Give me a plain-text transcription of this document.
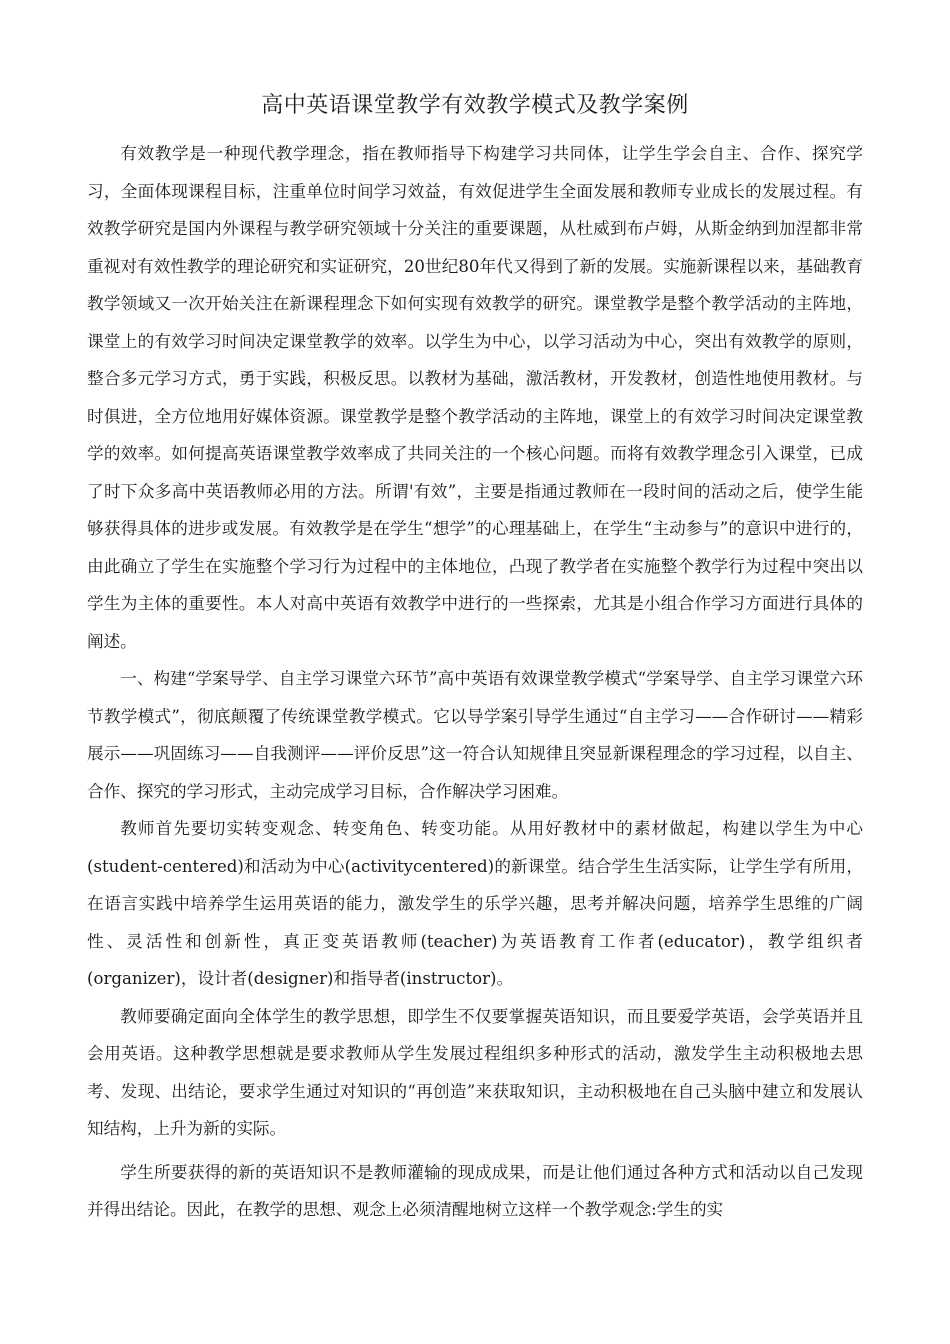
高中英语课堂教学有效教学模式及教学案例

有效教学是一种现代教学理念，指在教师指导下构建学习共同体，让学生学会自主、合作、探究学习，全面体现课程目标，注重单位时间学习效益，有效促进学生全面发展和教师专业成长的发展过程。有效教学研究是国内外课程与教学研究领域十分关注的重要课题，从杜威到布卢姆，从斯金纳到加涅都非常重视对有效性教学的理论研究和实证研究，20世纪80年代又得到了新的发展。实施新课程以来，基础教育教学领域又一次开始关注在新课程理念下如何实现有效教学的研究。课堂教学是整个教学活动的主阵地，课堂上的有效学习时间决定课堂教学的效率。以学生为中心，以学习活动为中心，突出有效教学的原则，整合多元学习方式，勇于实践，积极反思。以教材为基础，激活教材，开发教材，创造性地使用教材。与时俱进，全方位地用好媒体资源。课堂教学是整个教学活动的主阵地，课堂上的有效学习时间决定课堂教学的效率。如何提高英语课堂教学效率成了共同关注的一个核心问题。而将有效教学理念引入课堂，已成了时下众多高中英语教师必用的方法。所谓'有效”，主要是指通过教师在一段时间的活动之后，使学生能够获得具体的进步或发展。有效教学是在学生“想学”的心理基础上，在学生“主动参与”的意识中进行的，由此确立了学生在实施整个学习行为过程中的主体地位，凸现了教学者在实施整个教学行为过程中突出以学生为主体的重要性。本人对高中英语有效教学中进行的一些探索，尤其是小组合作学习方面进行具体的阐述。

一、构建“学案导学、自主学习课堂六环节”高中英语有效课堂教学模式“学案导学、自主学习课堂六环节教学模式”，彻底颠覆了传统课堂教学模式。它以导学案引导学生通过“自主学习——合作研讨——精彩展示——巩固练习——自我测评——评价反思”这一符合认知规律且突显新课程理念的学习过程，以自主、合作、探究的学习形式，主动完成学习目标，合作解决学习困难。

教师首先要切实转变观念、转变角色、转变功能。从用好教材中的素材做起，构建以学生为中心(student-centered)和活动为中心(activitycentered)的新课堂。结合学生生活实际，让学生学有所用，在语言实践中培养学生运用英语的能力，激发学生的乐学兴趣，思考并解决问题，培养学生思维的广阔性、灵活性和创新性，真正变英语教师(teacher)为英语教育工作者(educator)，教学组织者(organizer)，设计者(designer)和指导者(instructor)。

教师要确定面向全体学生的教学思想，即学生不仅要掌握英语知识，而且要爱学英语，会学英语并且会用英语。这种教学思想就是要求教师从学生发展过程组织多种形式的活动，激发学生主动积极地去思考、发现、出结论，要求学生通过对知识的“再创造”来获取知识，主动积极地在自己头脑中建立和发展认知结构，上升为新的实际。

学生所要获得的新的英语知识不是教师灌输的现成成果，而是让他们通过各种方式和活动以自己发现并得出结论。因此，在教学的思想、观念上必须清醒地树立这样一个教学观念:学生的实
